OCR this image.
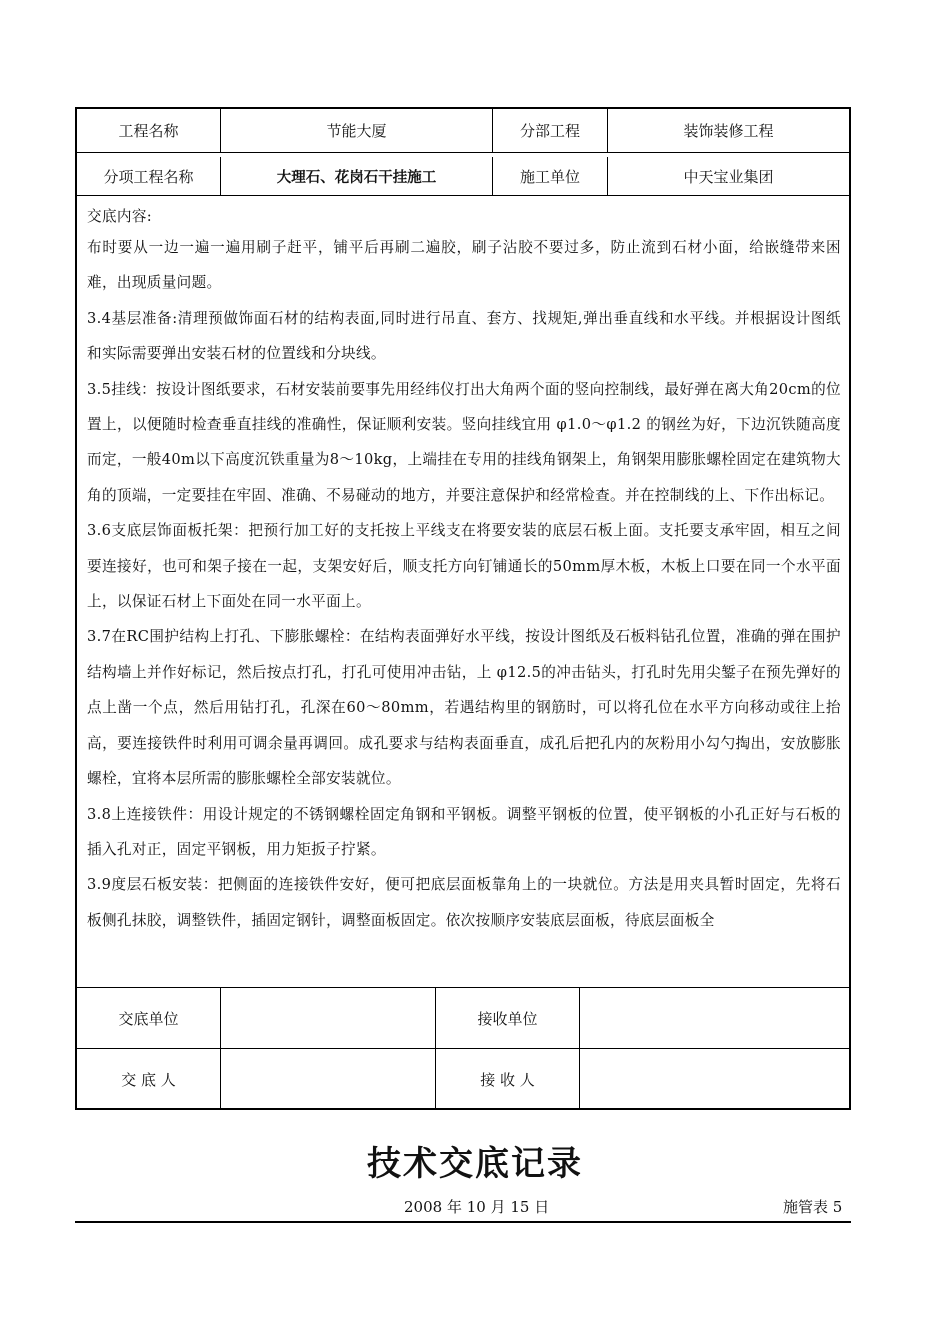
工程名称	节能大厦	分部工程	装饰装修工程
分项工程名称	大理石、花岗石干挂施工	施工单位	中天宝业集团

交底内容:

布时要从一边一遍一遍用刷子赶平，铺平后再刷二遍胶，刷子沾胶不要过多，防止流到石材小面，给嵌缝带来困难，出现质量问题。

3.4基层准备:清理预做饰面石材的结构表面,同时进行吊直、套方、找规矩,弹出垂直线和水平线。并根据设计图纸和实际需要弹出安装石材的位置线和分块线。

3.5挂线：按设计图纸要求，石材安装前要事先用经纬仪打出大角两个面的竖向控制线，最好弹在离大角20cm的位置上，以便随时检查垂直挂线的准确性，保证顺利安装。竖向挂线宜用 φ1.0～φ1.2 的钢丝为好，下边沉铁随高度而定，一般40m以下高度沉铁重量为8～10kg，上端挂在专用的挂线角钢架上，角钢架用膨胀螺栓固定在建筑物大角的顶端，一定要挂在牢固、准确、不易碰动的地方，并要注意保护和经常检查。并在控制线的上、下作出标记。

3.6支底层饰面板托架：把预行加工好的支托按上平线支在将要安装的底层石板上面。支托要支承牢固，相互之间要连接好，也可和架子接在一起，支架安好后，顺支托方向钉铺通长的50mm厚木板，木板上口要在同一个水平面上，以保证石材上下面处在同一水平面上。

3.7在RC围护结构上打孔、下膨胀螺栓：在结构表面弹好水平线，按设计图纸及石板料钻孔位置，准确的弹在围护结构墙上并作好标记，然后按点打孔，打孔可使用冲击钻，上 φ12.5的冲击钻头，打孔时先用尖錾子在预先弹好的点上凿一个点，然后用钻打孔，孔深在60～80mm，若遇结构里的钢筋时，可以将孔位在水平方向移动或往上抬高，要连接铁件时利用可调余量再调回。成孔要求与结构表面垂直，成孔后把孔内的灰粉用小勾勺掏出，安放膨胀螺栓，宜将本层所需的膨胀螺栓全部安装就位。

3.8上连接铁件：用设计规定的不锈钢螺栓固定角钢和平钢板。调整平钢板的位置，使平钢板的小孔正好与石板的插入孔对正，固定平钢板，用力矩扳子拧紧。

3.9度层石板安装：把侧面的连接铁件安好，便可把底层面板靠角上的一块就位。方法是用夹具暂时固定，先将石板侧孔抹胶，调整铁件，插固定钢针，调整面板固定。依次按顺序安装底层面板，待底层面板全

交底单位	接收单位
交 底 人	接 收 人
技术交底记录
2008 年 10 月 15 日	施管表 5
